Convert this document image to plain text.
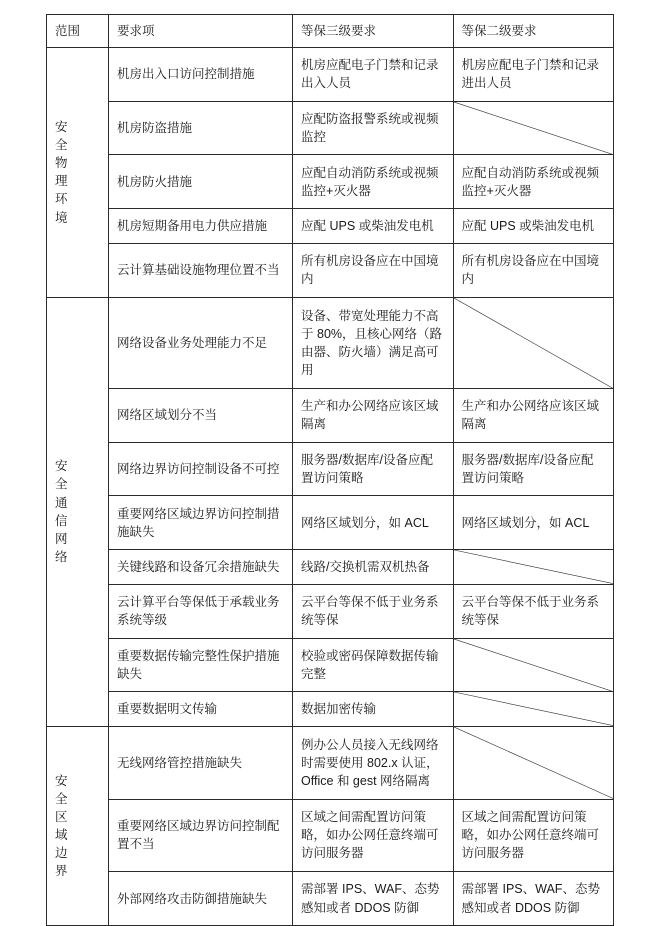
范围	要求项	等保三级要求	等保二级要求

安
全
物
理
环
境
	机房出入口访问控制措施	机房应配电子门禁和记录出入人员	机房应配电子门禁和记录进出人员
	机房防盗措施	应配防盗报警系统或视频监控	

	机房防火措施	应配自动消防系统或视频监控+灭火器	应配自动消防系统或视频监控+灭火器
	机房短期备用电力供应措施	应配 UPS 或柴油发电机	应配 UPS 或柴油发电机
	云计算基础设施物理位置不当	所有机房设备应在中国境内	所有机房设备应在中国境内

安
全
通
信
网
络
	网络设备业务处理能力不足	设备、带宽处理能力不高于 80%，且核心网络（路由器、防火墙）满足高可用	

	网络区域划分不当	生产和办公网络应该区域隔离	生产和办公网络应该区域隔离
	网络边界访问控制设备不可控	服务器/数据库/设备应配置访问策略	服务器/数据库/设备应配置访问策略
	重要网络区域边界访问控制措施缺失	网络区域划分，如 ACL	网络区域划分，如 ACL
	关键线路和设备冗余措施缺失	线路/交换机需双机热备	

	云计算平台等保低于承载业务系统等级	云平台等保不低于业务系统等保	云平台等保不低于业务系统等保
	重要数据传输完整性保护措施缺失	校验或密码保障数据传输完整	

	重要数据明文传输	数据加密传输	

安
全
区
域
边
界
	无线网络管控措施缺失	例办公人员接入无线网络时需要使用 802.x 认证，Office 和 gest 网络隔离	

	重要网络区域边界访问控制配置不当	区域之间需配置访问策略，如办公网任意终端可访问服务器	区域之间需配置访问策略，如办公网任意终端可访问服务器
	外部网络攻击防御措施缺失	需部署 IPS、WAF、态势感知或者 DDOS 防御	需部署 IPS、WAF、态势感知或者 DDOS 防御
